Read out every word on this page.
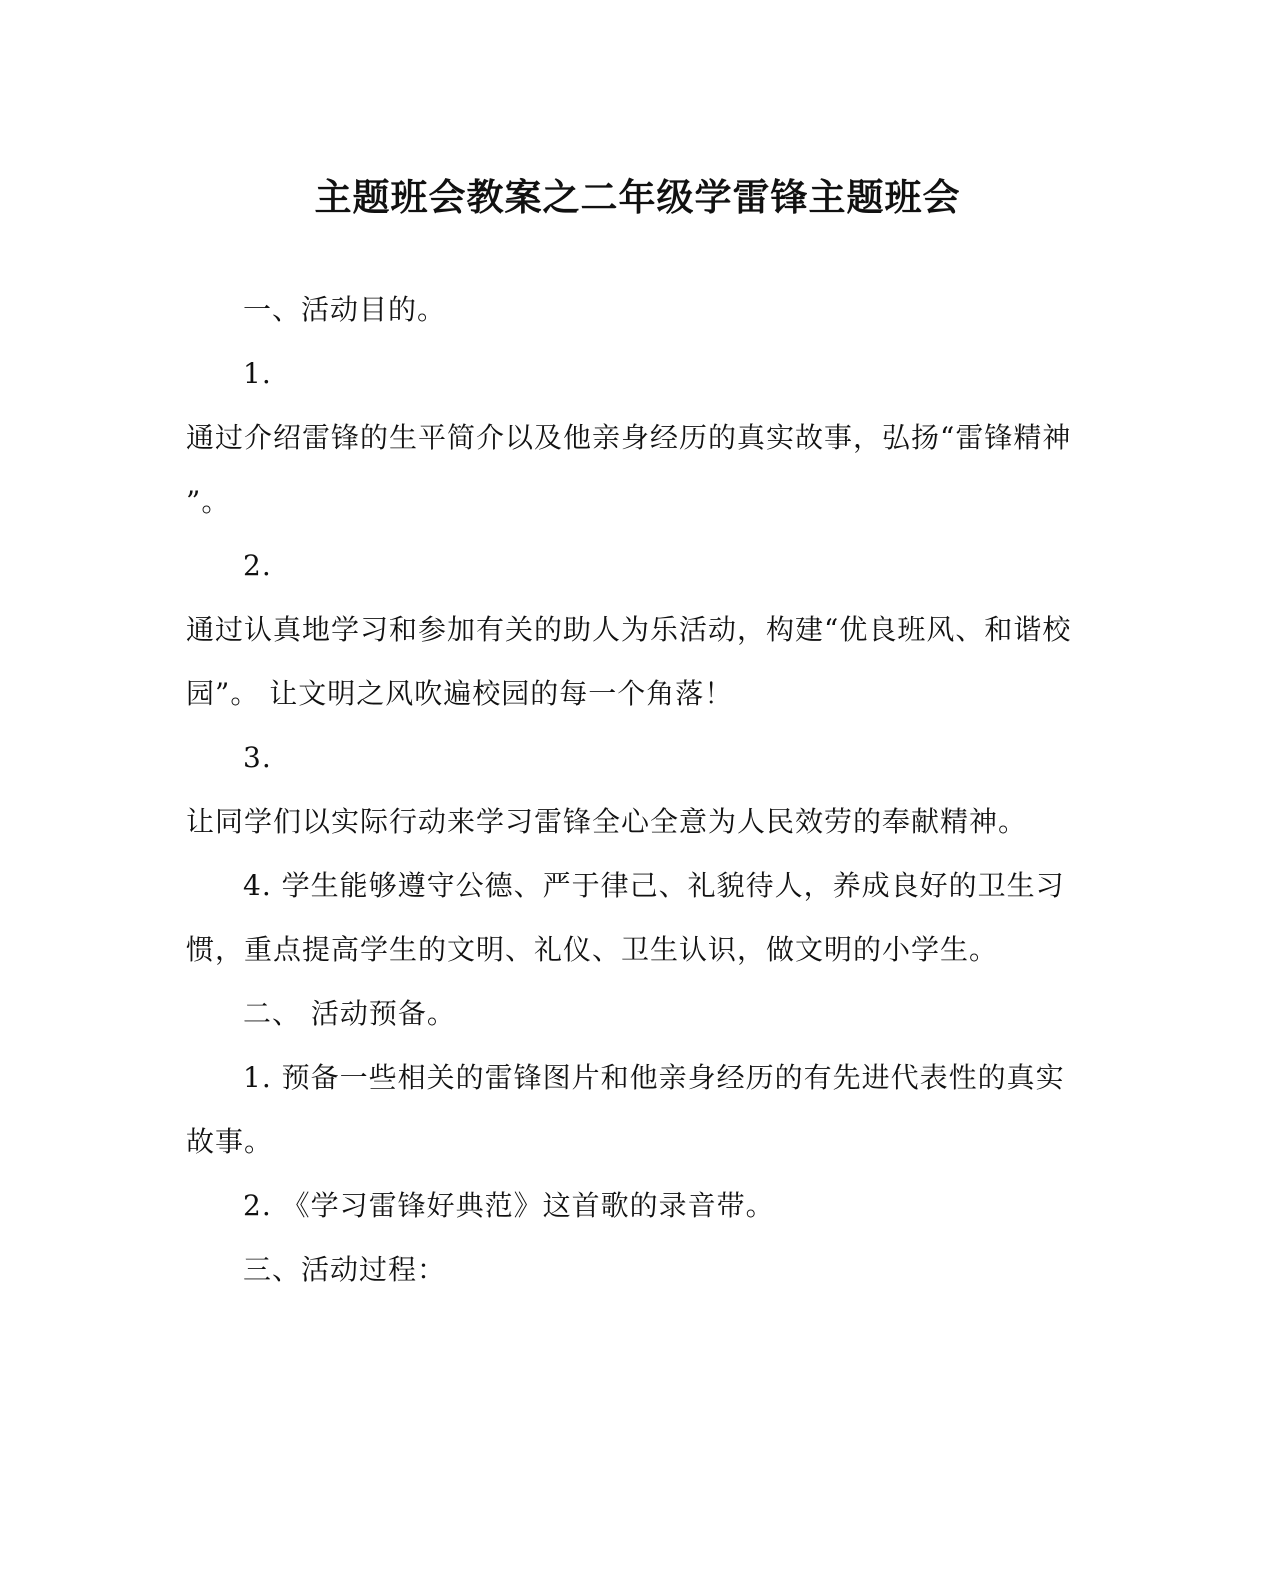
主题班会教案之二年级学雷锋主题班会
一、活动目的。
1.
通过介绍雷锋的生平简介以及他亲身经历的真实故事，弘扬“雷锋精神
”。
2.
通过认真地学习和参加有关的助人为乐活动，构建“优良班风、和谐校
园”。 让文明之风吹遍校园的每一个角落！
3.
让同学们以实际行动来学习雷锋全心全意为人民效劳的奉献精神。
4. 学生能够遵守公德、严于律己、礼貌待人，养成良好的卫生习
惯，重点提高学生的文明、礼仪、卫生认识，做文明的小学生。
二、 活动预备。
1. 预备一些相关的雷锋图片和他亲身经历的有先进代表性的真实
故事。
2. 《学习雷锋好典范》这首歌的录音带。
三、活动过程：
